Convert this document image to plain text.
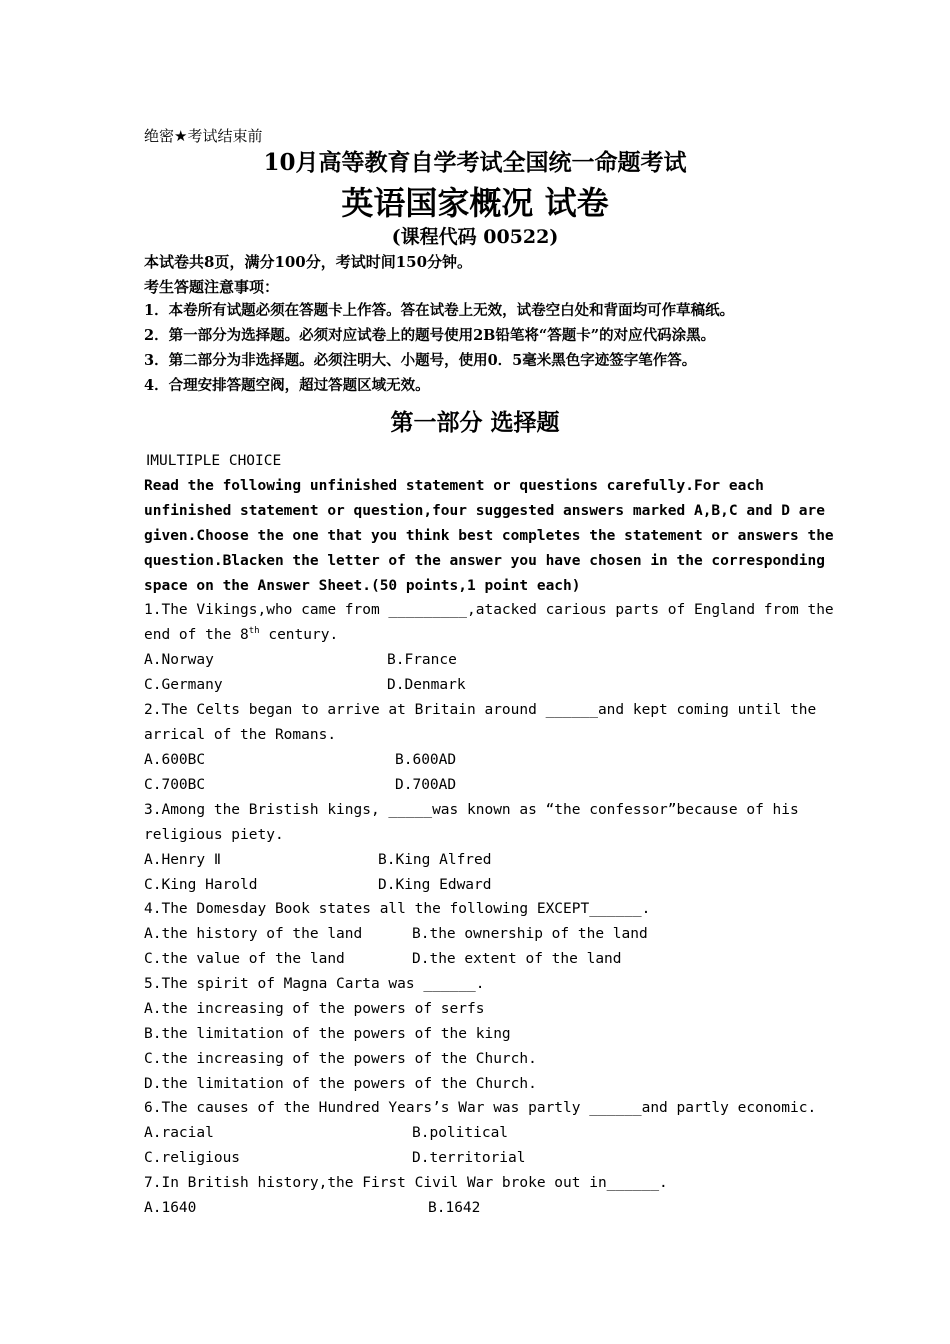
绝密★考试结束前
10月高等教育自学考试全国统一命题考试
英语国家概况 试卷
(课程代码 00522)
本试卷共8页，满分100分，考试时间150分钟。
考生答题注意事项：
1．本卷所有试题必须在答题卡上作答。答在试卷上无效，试卷空白处和背面均可作草稿纸。
2．第一部分为选择题。必须对应试卷上的题号使用2B铅笔将“答题卡”的对应代码涂黑。
3．第二部分为非选择题。必须注明大、小题号，使用0．5毫米黑色字迹签字笔作答。
4．合理安排答题空阀，超过答题区域无效。
第一部分 选择题
ⅠMULTIPLE CHOICE
Read the following unfinished statement or questions carefully.For each
unfinished statement or question,four suggested answers marked A,B,C and D are
given.Choose the one that you think best completes the statement or answers the
question.Blacken the letter of the answer you have chosen in the corresponding
space on the Answer Sheet.(50 points,1 point each)
1.The Vikings,who came from _________,atacked carious parts of England from the
end of the 8th century.
A.Norway	B.France
C.Germany	D.Denmark
2.The Celts began to arrive at Britain around ______and kept coming until the
arrical of the Romans.
A.600BC	B.600AD
C.700BC	D.700AD
3.Among the Bristish kings, _____was known as “the confessor”because of his
religious piety.
A.Henry Ⅱ	B.King Alfred
C.King Harold	D.King Edward
4.The Domesday Book states all the following EXCEPT______.
A.the history of the land	B.the ownership of the land
C.the value of the land	D.the extent of the land
5.The spirit of Magna Carta was ______.
A.the increasing of the powers of serfs
B.the limitation of the powers of the king
C.the increasing of the powers of the Church.
D.the limitation of the powers of the Church.
6.The causes of the Hundred Years’s War was partly ______and partly economic.
A.racial	B.political
C.religious	D.territorial
7.In British history,the First Civil War broke out in______.
A.1640	B.1642
